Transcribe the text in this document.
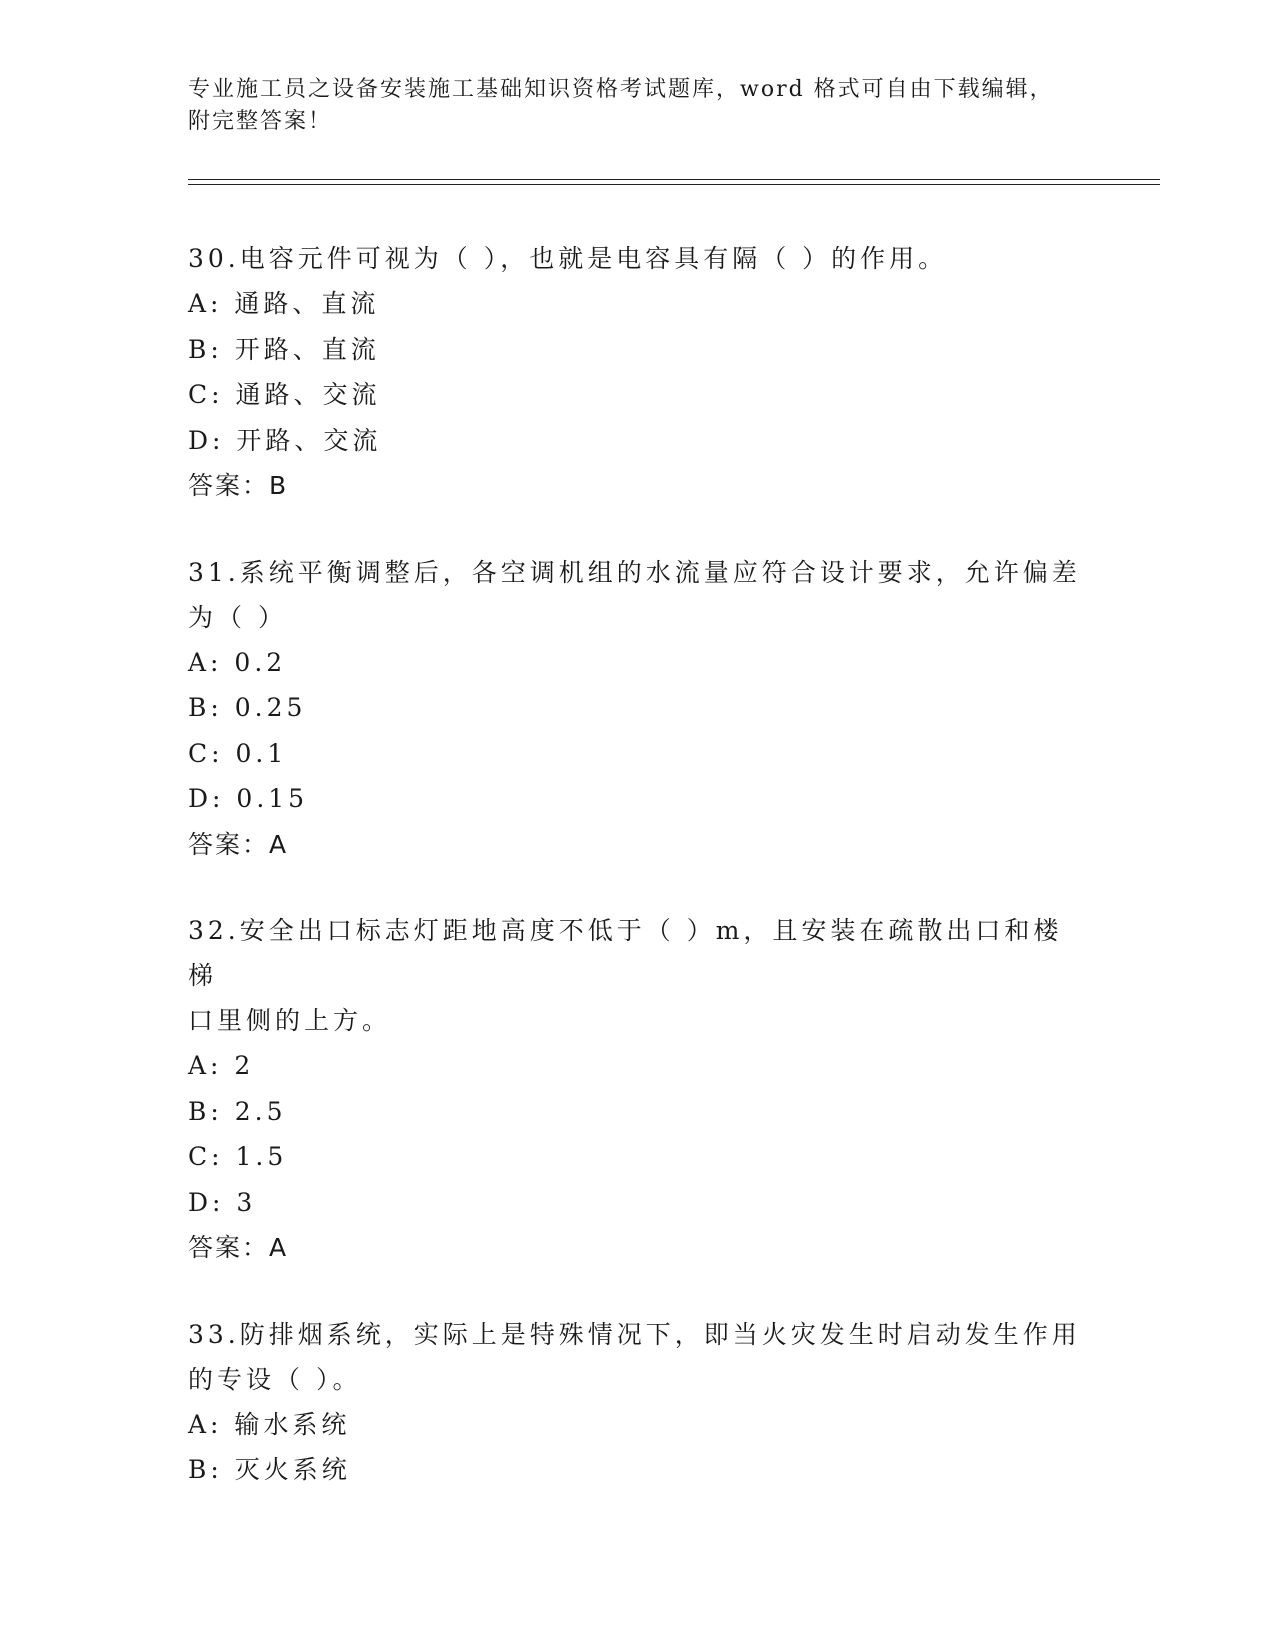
专业施工员之设备安装施工基础知识资格考试题库，word 格式可自由下载编辑，
附完整答案！
30.电容元件可视为（ ），也就是电容具有隔（ ）的作用。
A: 通路、直流
B: 开路、直流
C: 通路、交流
D: 开路、交流
答案：B
31.系统平衡调整后，各空调机组的水流量应符合设计要求，允许偏差
为（ ）
A: 0.2
B: 0.25
C: 0.1
D: 0.15
答案：A
32.安全出口标志灯距地高度不低于（ ）m，且安装在疏散出口和楼梯
口里侧的上方。
A: 2
B: 2.5
C: 1.5
D: 3
答案：A
33.防排烟系统，实际上是特殊情况下，即当火灾发生时启动发生作用
的专设（ ）。
A: 输水系统
B: 灭火系统
